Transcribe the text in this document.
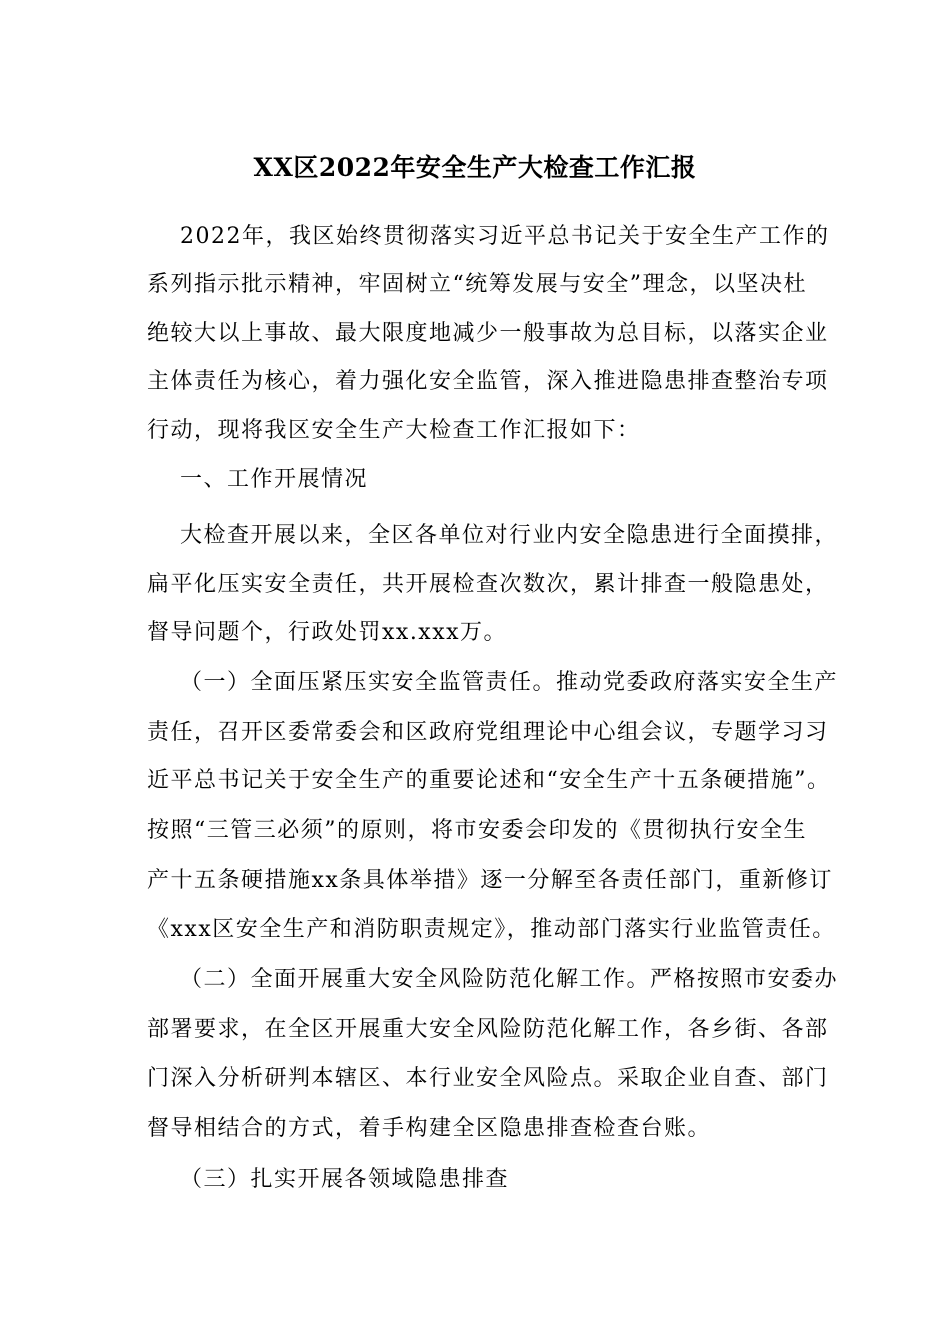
XX区2022年安全生产大检查工作汇报
2022年，我区始终贯彻落实习近平总书记关于安全生产工作的
系列指示批示精神，牢固树立“统筹发展与安全”理念，以坚决杜
绝较大以上事故、最大限度地减少一般事故为总目标，以落实企业
主体责任为核心，着力强化安全监管，深入推进隐患排查整治专项
行动，现将我区安全生产大检查工作汇报如下：
一、工作开展情况
大检查开展以来，全区各单位对行业内安全隐患进行全面摸排，
扁平化压实安全责任，共开展检查次数次，累计排查一般隐患处，
督导问题个，行政处罚xx.xxx万。
（一）全面压紧压实安全监管责任。推动党委政府落实安全生产
责任，召开区委常委会和区政府党组理论中心组会议，专题学习习
近平总书记关于安全生产的重要论述和“安全生产十五条硬措施”。
按照“三管三必须”的原则，将市安委会印发的《贯彻执行安全生
产十五条硬措施xx条具体举措》逐一分解至各责任部门，重新修订
《xxx区安全生产和消防职责规定》，推动部门落实行业监管责任。
（二）全面开展重大安全风险防范化解工作。严格按照市安委办
部署要求，在全区开展重大安全风险防范化解工作，各乡街、各部
门深入分析研判本辖区、本行业安全风险点。采取企业自查、部门
督导相结合的方式，着手构建全区隐患排查检查台账。
（三）扎实开展各领域隐患排查
